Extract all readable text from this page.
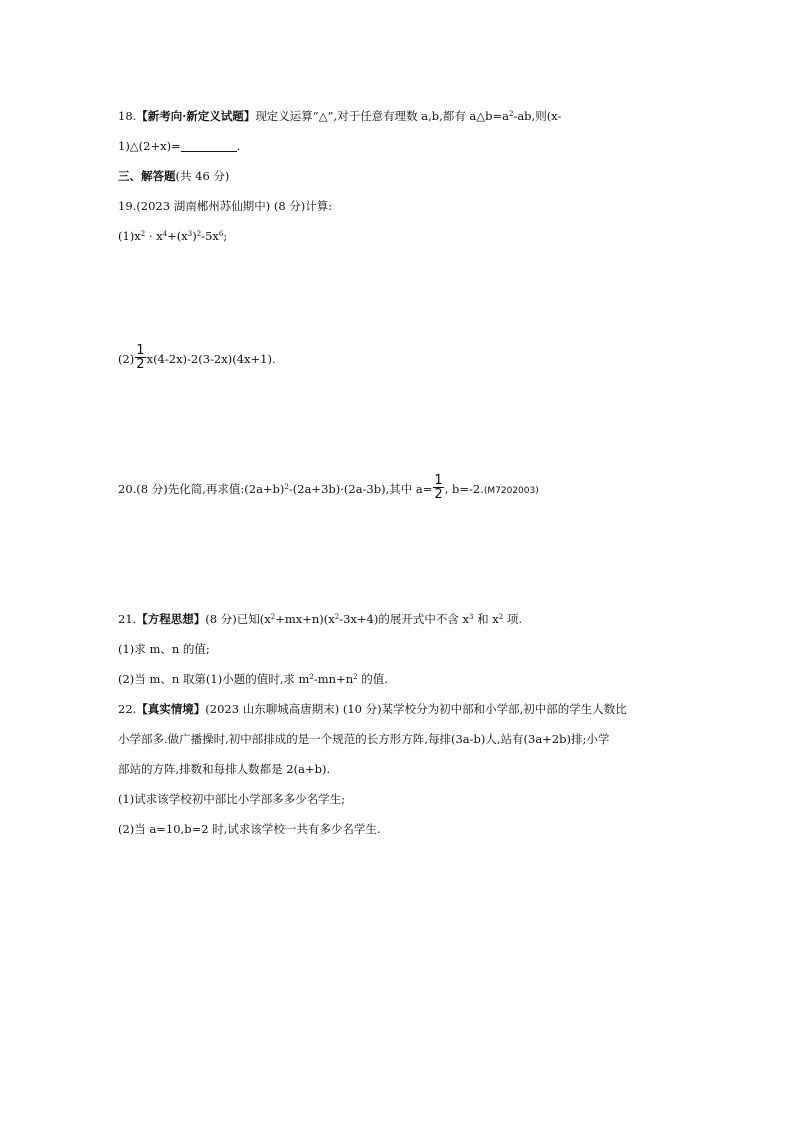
18.【新考向·新定义试题】现定义运算“△”,对于任意有理数 a,b,都有 $a\triangle b=a^2-ab$,则(x-
1)△(2+x)=	.
三、解答题(共 46 分)
19.(2023 湖南郴州苏仙期中) (8 分)计算:
$(1)x^2 \cdot x^4+(x^3)^2-5x^6$;
$(2) \frac{1}{2} x(4-2x)-2(3-2x)(4x+1)$.
20.(8 分)先化简,再求值$:(2a+b)^2-(2a+3b)\cdot(2a-3b)$,其中 $a= \frac{1}{2}$ , b=-2.(M7202003)
21.【方程思想】(8 分)已知$(x^2+mx+n)(x^2-3x+4)$的展开式中不含 $x^3$ 和 $x^2$ 项.
(1)求 m、n 的值;
(2)当 m、n 取第(1)小题的值时,求 $m^2-mn+n^2$ 的值.
22.【真实情境】(2023 山东聊城高唐期末) (10 分)某学校分为初中部和小学部,初中部的学生人数比
小学部多.做广播操时,初中部排成的是一个规范的长方形方阵,每排(3a-b)人,站有(3a+2b)排;小学
部站的方阵,排数和每排人数都是 2(a+b).
(1)试求该学校初中部比小学部多多少名学生;
(2)当 a=10,b=2 时,试求该学校一共有多少名学生.
